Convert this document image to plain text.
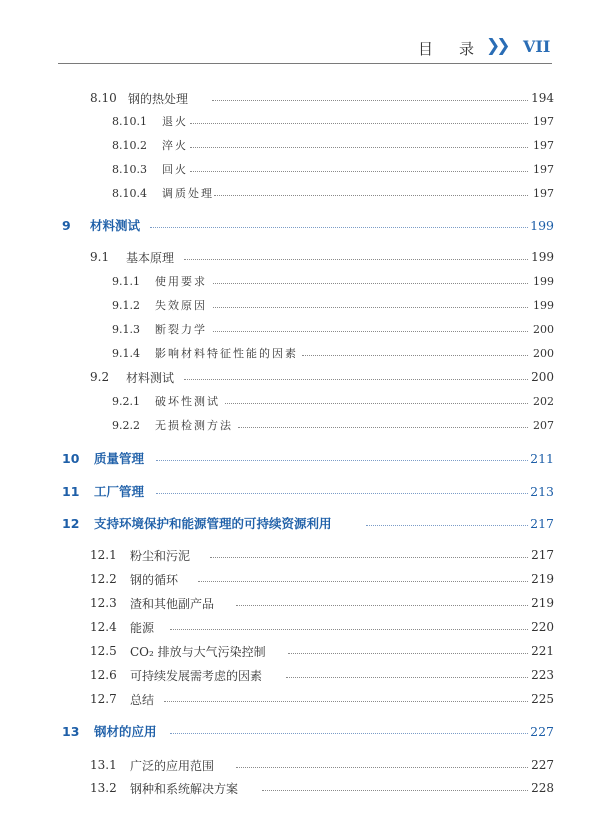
目 录 ❯❯ VII
8.10 钢的热处理	194
8.10.1 退火	197
8.10.2 淬火	197
8.10.3 回火	197
8.10.4 调质处理	197
9 材料测试	199
9.1 基本原理	199
9.1.1 使用要求	199
9.1.2 失效原因	199
9.1.3 断裂力学	200
9.1.4 影响材料特征性能的因素	200
9.2 材料测试	200
9.2.1 破坏性测试	202
9.2.2 无损检测方法	207
10 质量管理	211
11 工厂管理	213
12 支持环境保护和能源管理的可持续资源利用	217
12.1 粉尘和污泥	217
12.2 钢的循环	219
12.3 渣和其他副产品	219
12.4 能源	220
12.5 CO₂ 排放与大气污染控制	221
12.6 可持续发展需考虑的因素	223
12.7 总结	225
13 钢材的应用	227
13.1 广泛的应用范围	227
13.2 钢种和系统解决方案	228
